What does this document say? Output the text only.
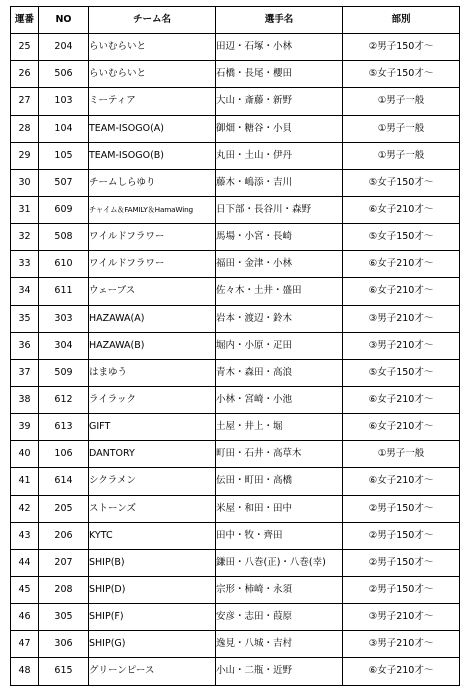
運番	NO	チーム名	選手名	部別
25	204	らいむらいと	田辺・石塚・小林	②男子150才～
26	506	らいむらいと	石橋・長尾・櫻田	⑤女子150才～
27	103	ミーティア	大山・斎藤・新野	①男子一般
28	104	TEAM-ISOGO(A)	御畑・糖谷・小貝	①男子一般
29	105	TEAM-ISOGO(B)	丸田・土山・伊丹	①男子一般
30	507	チームしらゆり	藤木・嶋添・吉川	⑤女子150才～
31	609	チャイム＆FAMILY＆HamaWing	日下部・長谷川・森野	⑥女子210才～
32	508	ワイルドフラワー	馬場・小宮・長崎	⑤女子150才～
33	610	ワイルドフラワー	福田・金津・小林	⑥女子210才～
34	611	ウェーブス	佐々木・土井・盛田	⑥女子210才～
35	303	HAZAWA(A)	岩本・渡辺・鈴木	③男子210才～
36	304	HAZAWA(B)	堀内・小原・疋田	③男子210才～
37	509	はまゆう	青木・森田・高浪	⑤女子150才～
38	612	ライラック	小林・宮崎・小池	⑥女子210才～
39	613	GIFT	土屋・井上・堀	⑥女子210才～
40	106	DANTORY	町田・石井・高草木	①男子一般
41	614	シクラメン	伝田・町田・高橋	⑥女子210才～
42	205	ストーンズ	米屋・和田・田中	②男子150才～
43	206	KYTC	田中・牧・齊田	②男子150才～
44	207	SHIP(B)	鎌田・八巻(正)・八巻(幸)	②男子150才～
45	208	SHIP(D)	宗形・柿崎・永須	②男子150才～
46	305	SHIP(F)	安彦・志田・葭原	③男子210才～
47	306	SHIP(G)	逸見・八城・吉村	③男子210才～
48	615	グリーンピース	小山・二瓶・近野	⑥女子210才～
